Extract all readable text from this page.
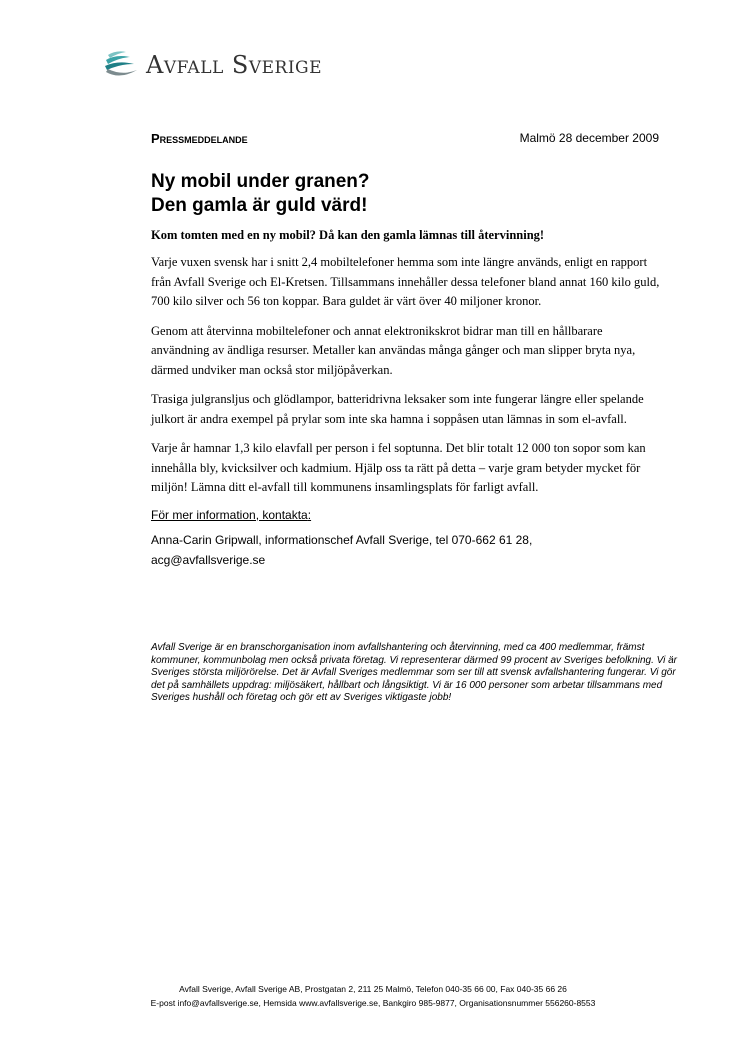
Avfall Sverige
Pressmeddelande	Malmö 28 december 2009
Ny mobil under granen?
Den gamla är guld värd!

Kom tomten med en ny mobil? Då kan den gamla lämnas till återvinning!

Varje vuxen svensk har i snitt 2,4 mobiltelefoner hemma som inte längre används, enligt en rapport från Avfall Sverige och El-Kretsen. Tillsammans innehåller dessa telefoner bland annat 160 kilo guld, 700 kilo silver och 56 ton koppar. Bara guldet är värt över 40 miljoner kronor.

Genom att återvinna mobiltelefoner och annat elektronikskrot bidrar man till en hållbarare användning av ändliga resurser. Metaller kan användas många gånger och man slipper bryta nya, därmed undviker man också stor miljöpåverkan.

Trasiga julgransljus och glödlampor, batteridrivna leksaker som inte fungerar längre eller spelande julkort är andra exempel på prylar som inte ska hamna i soppåsen utan lämnas in som el-avfall.

Varje år hamnar 1,3 kilo elavfall per person i fel soptunna. Det blir totalt 12 000 ton sopor som kan innehålla bly, kvicksilver och kadmium. Hjälp oss ta rätt på detta – varje gram betyder mycket för miljön! Lämna ditt el-avfall till kommunens insamlingsplats för farligt avfall.

För mer information, kontakta:

Anna-Carin Gripwall, informationschef Avfall Sverige, tel 070-662 61 28,

acg@avfallsverige.se

Avfall Sverige är en branschorganisation inom avfallshantering och återvinning, med ca 400 medlemmar, främst kommuner, kommunbolag men också privata företag. Vi representerar därmed 99 procent av Sveriges befolkning. Vi är Sveriges största miljörörelse. Det är Avfall Sveriges medlemmar som ser till att svensk avfallshantering fungerar. Vi gör det på samhällets uppdrag: miljösäkert, hållbart och långsiktigt. Vi är 16 000 personer som arbetar tillsammans med Sveriges hushåll och företag och gör ett av Sveriges viktigaste jobb!
Avfall Sverige, Avfall Sverige AB, Prostgatan 2, 211 25 Malmö, Telefon 040-35 66 00, Fax 040-35 66 26
E-post info@avfallsverige.se, Hemsida www.avfallsverige.se, Bankgiro 985-9877, Organisationsnummer 556260-8553
